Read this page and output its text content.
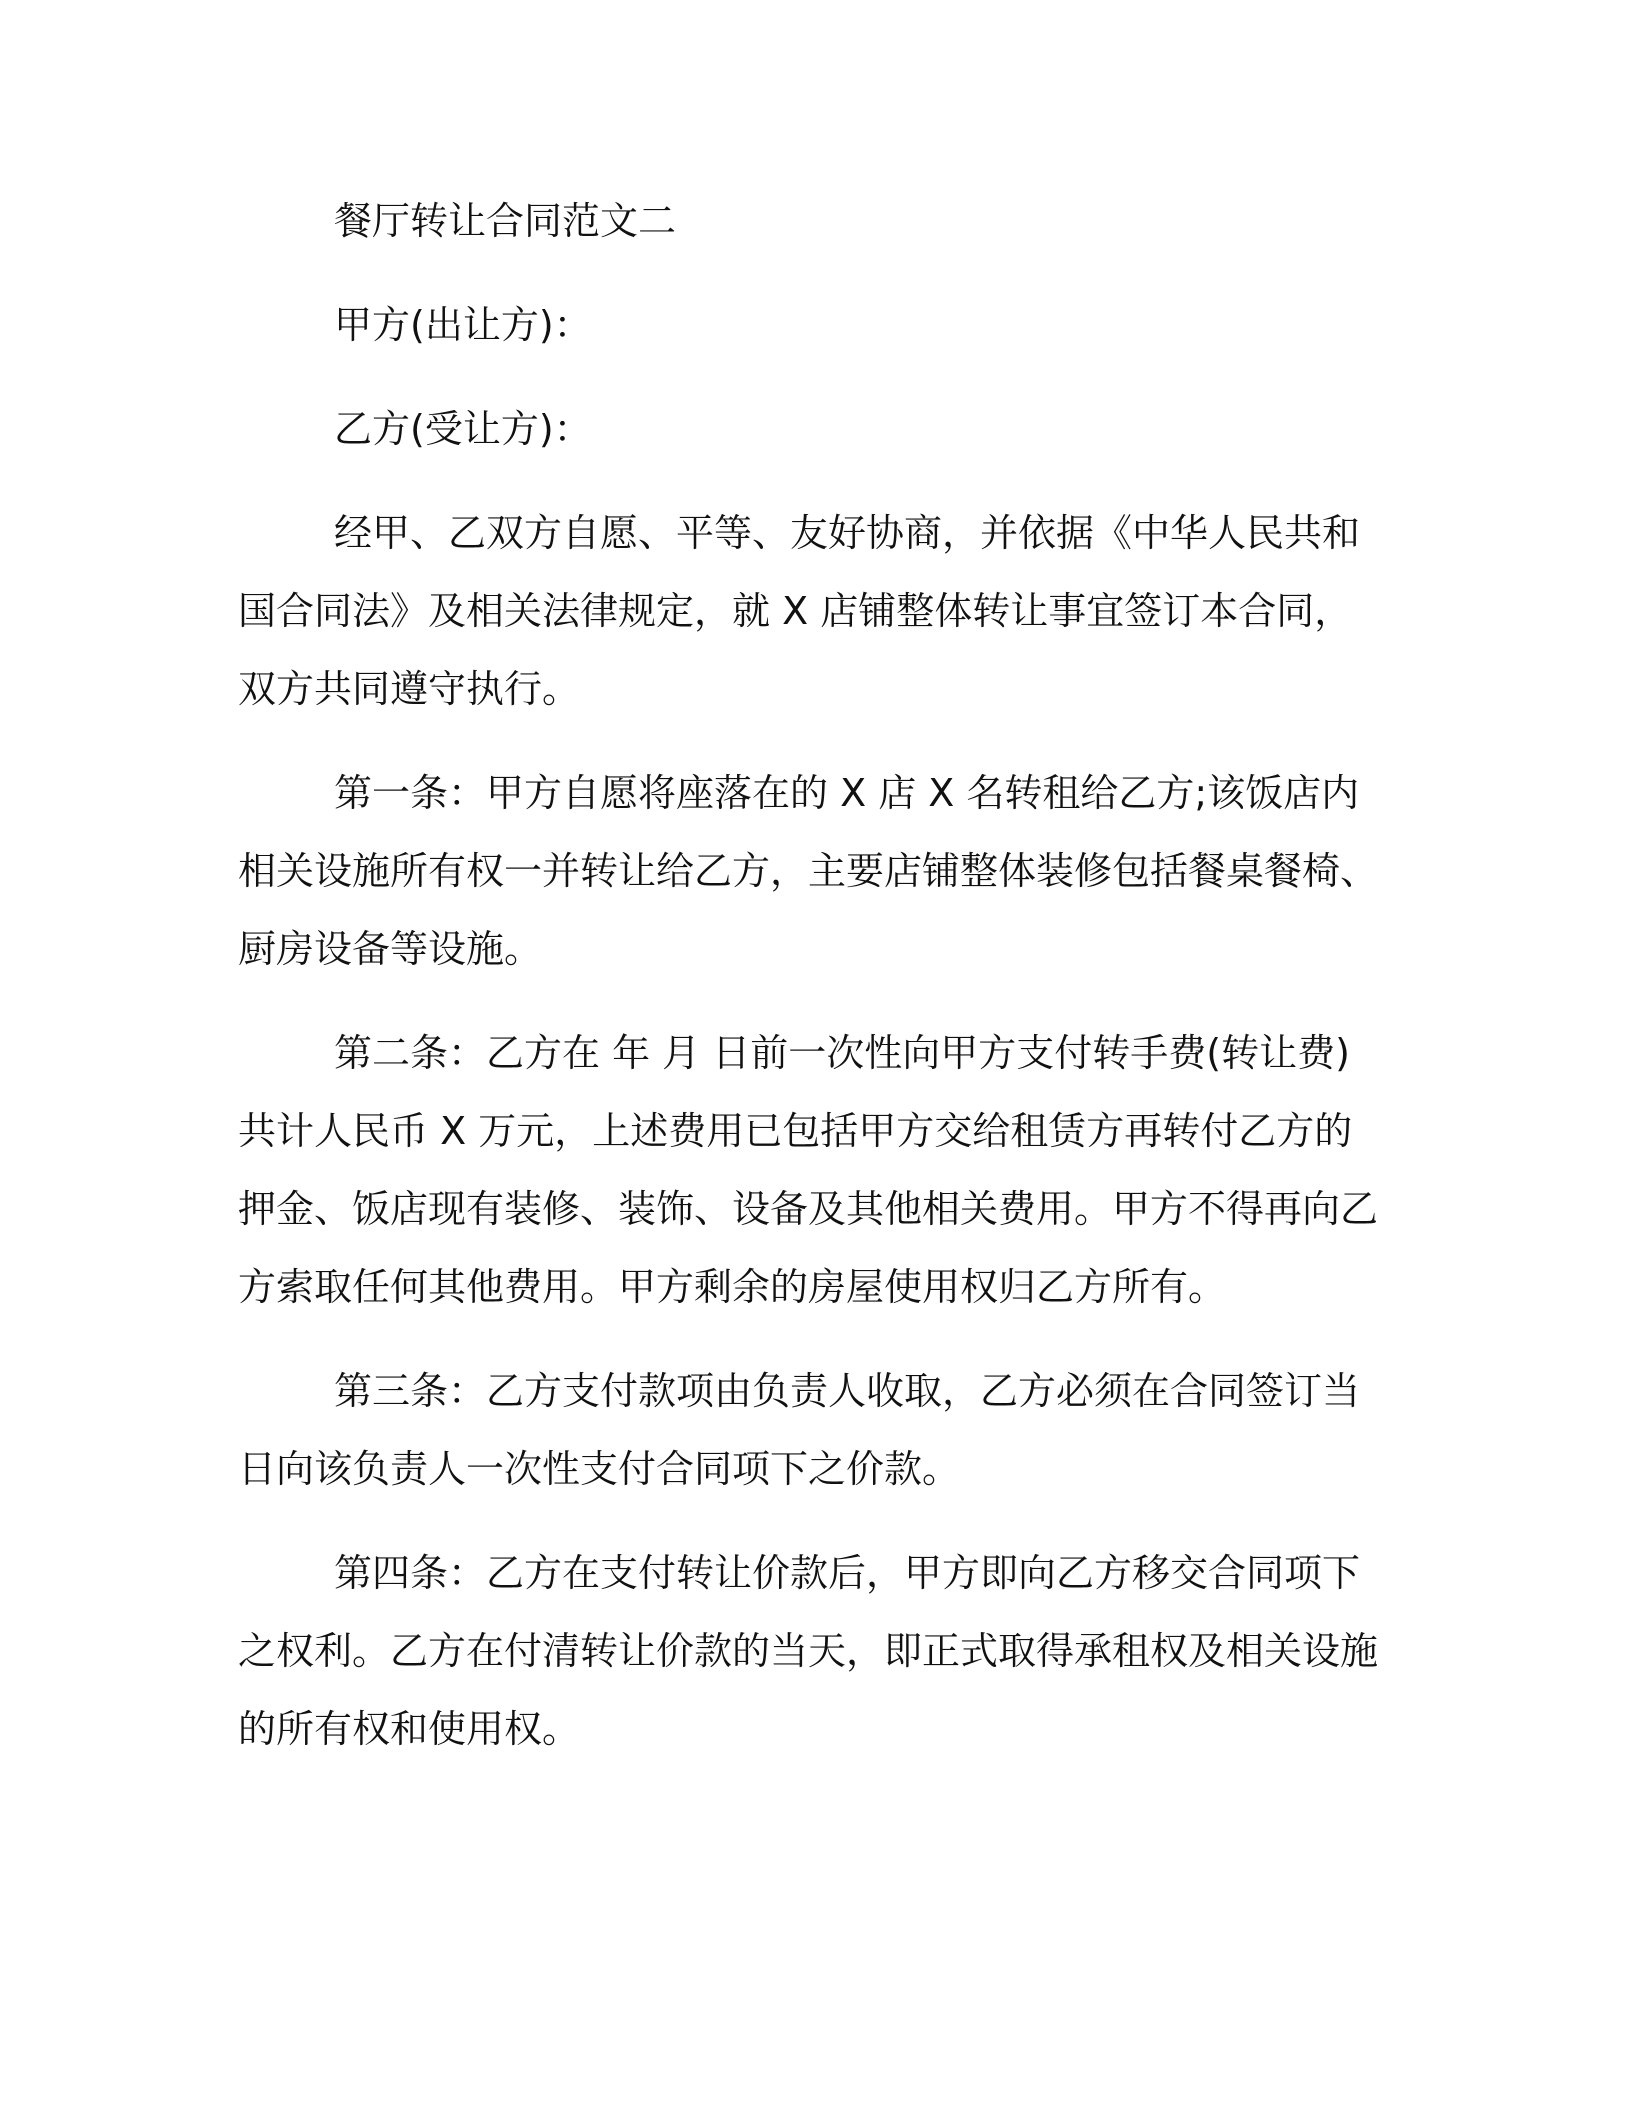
餐厅转让合同范文二

甲方(出让方)：

乙方(受让方)：

经甲、乙双方自愿、平等、友好协商，并依据《中华人民共和国合同法》及相关法律规定，就 X 店铺整体转让事宜签订本合同，双方共同遵守执行。

第一条：甲方自愿将座落在的 X 店 X 名转租给乙方;该饭店内相关设施所有权一并转让给乙方，主要店铺整体装修包括餐桌餐椅、厨房设备等设施。

第二条：乙方在 年 月 日前一次性向甲方支付转手费(转让费)共计人民币 X 万元，上述费用已包括甲方交给租赁方再转付乙方的押金、饭店现有装修、装饰、设备及其他相关费用。甲方不得再向乙方索取任何其他费用。甲方剩余的房屋使用权归乙方所有。

第三条：乙方支付款项由负责人收取，乙方必须在合同签订当日向该负责人一次性支付合同项下之价款。

第四条：乙方在支付转让价款后，甲方即向乙方移交合同项下之权利。乙方在付清转让价款的当天，即正式取得承租权及相关设施的所有权和使用权。
